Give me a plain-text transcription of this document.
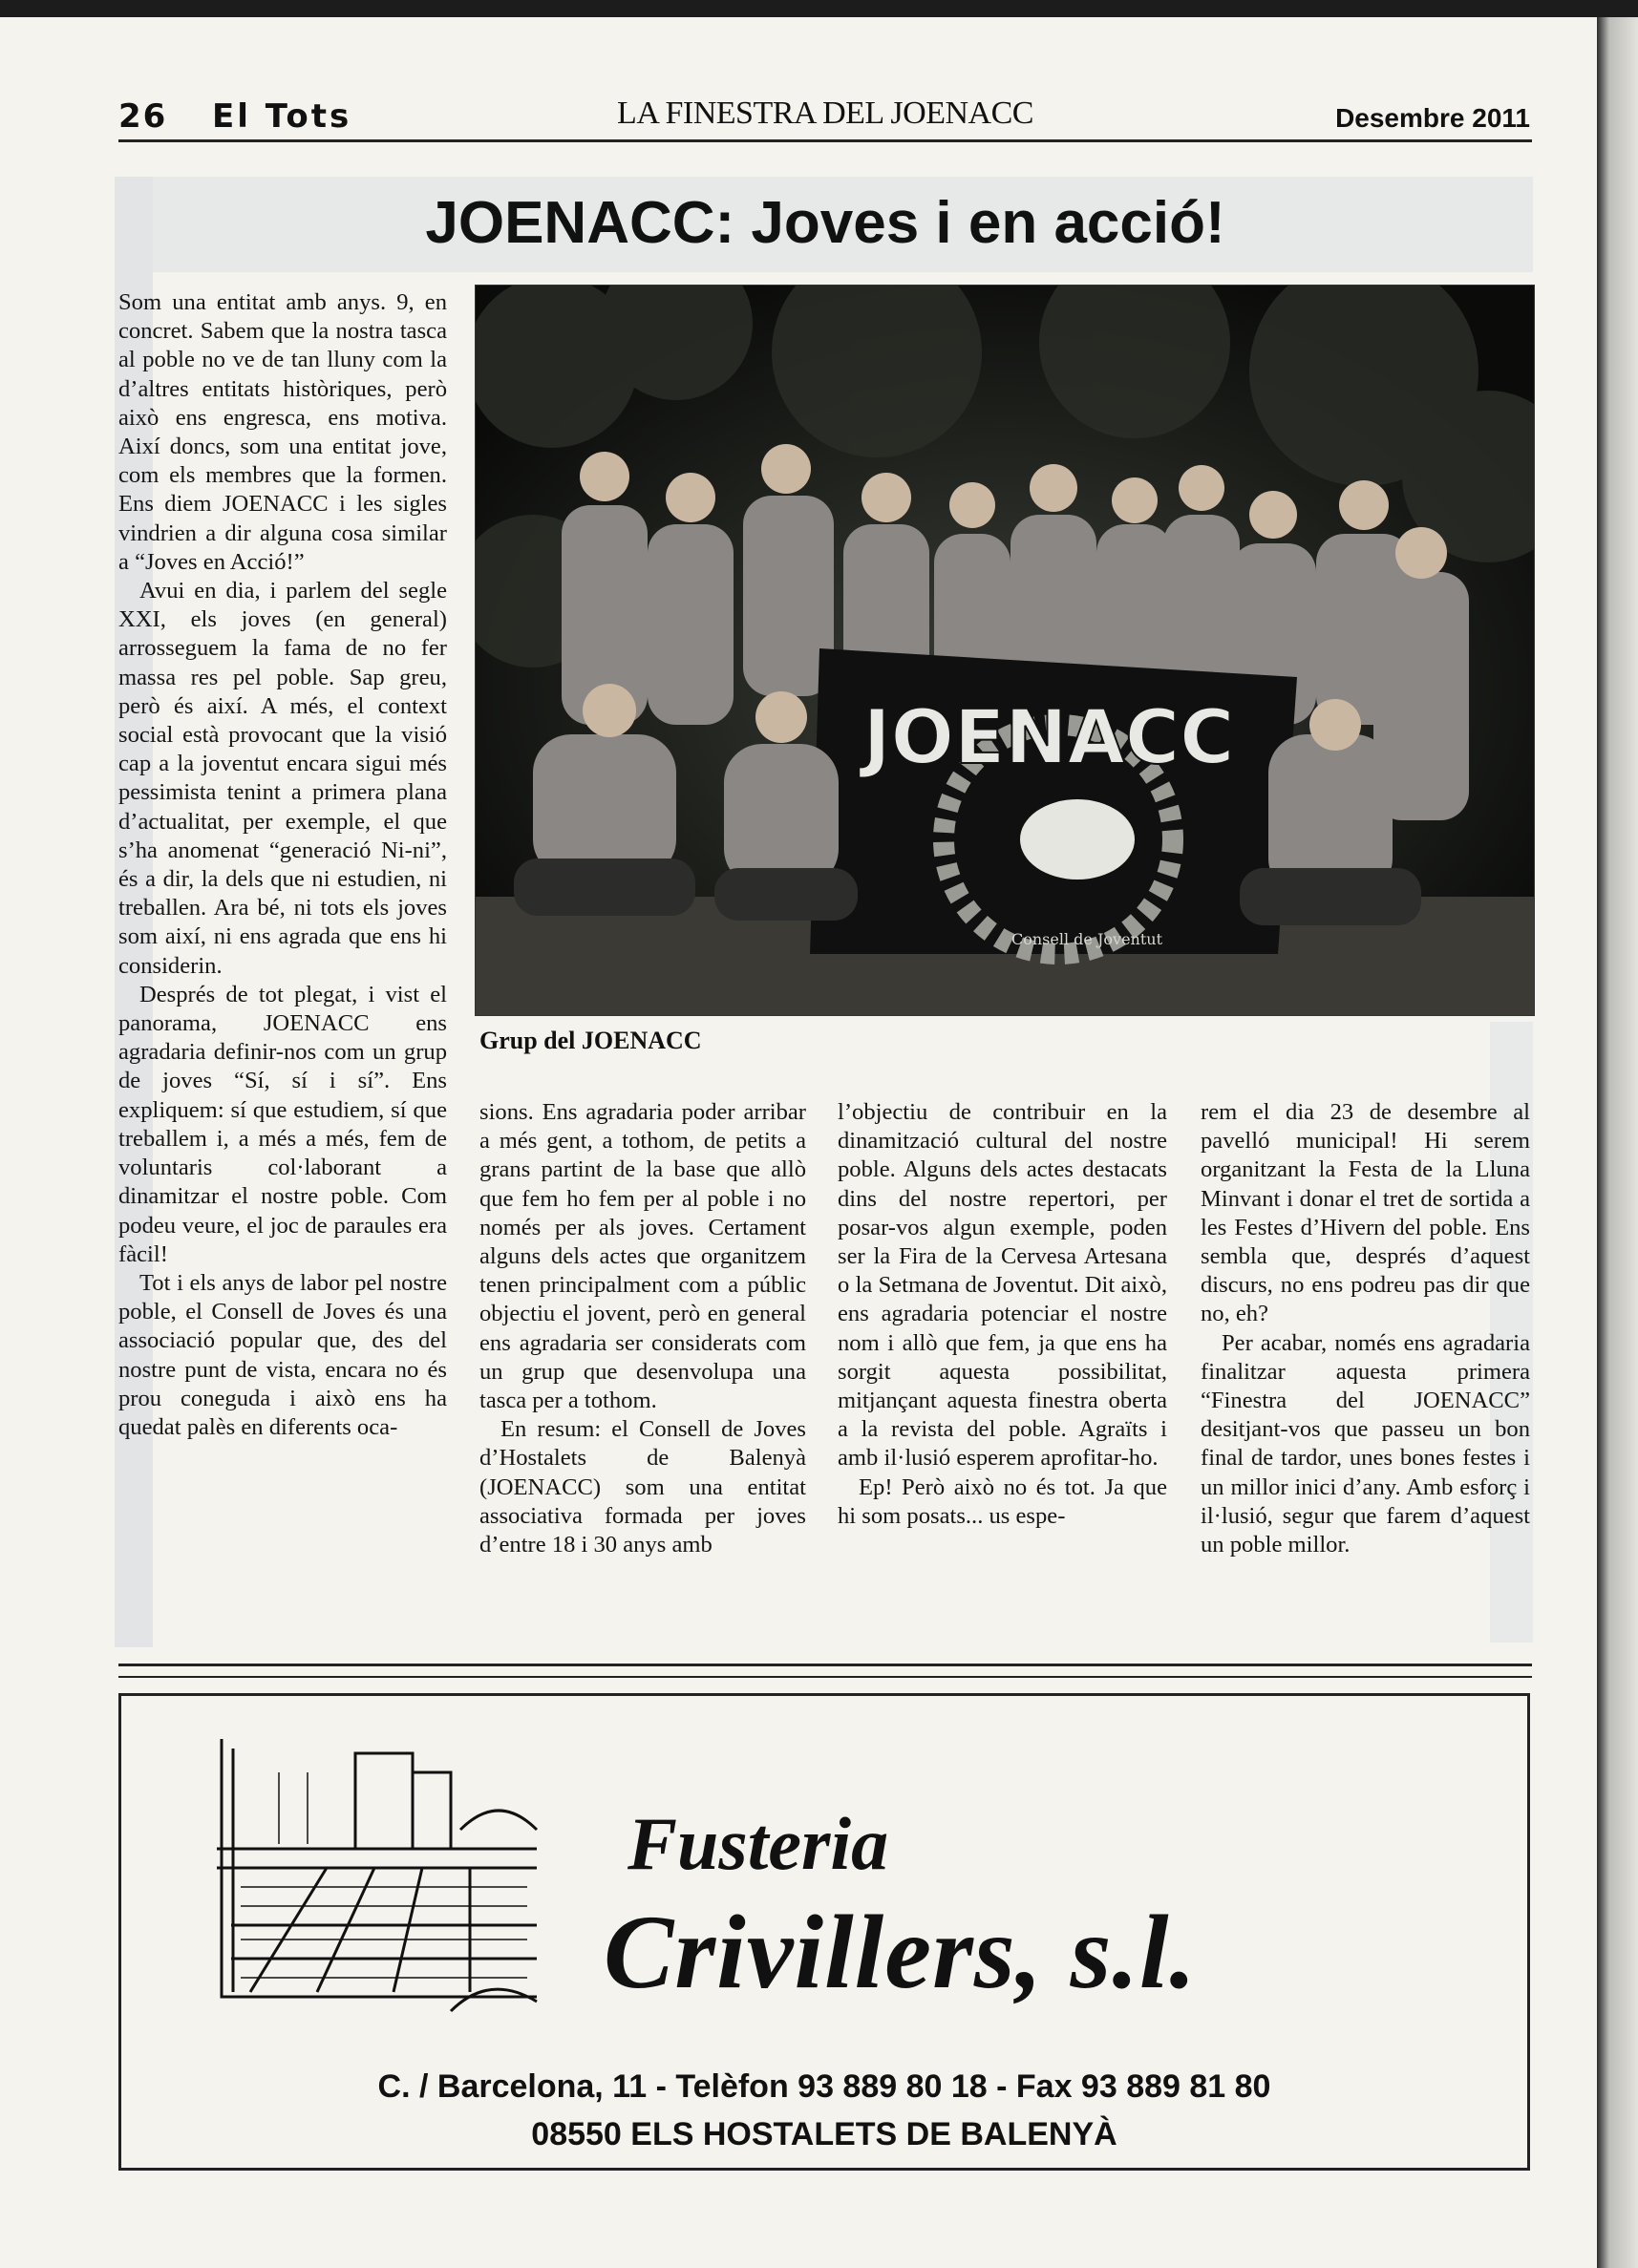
26 El Tots	LA FINESTRA DEL JOENACC	Desembre 2011
JOENACC: Joves i en acció!
JOENACC
Consell de Joventut
Grup del JOENACC

Som una entitat amb anys. 9, en concret. Sabem que la nostra tasca al poble no ve de tan lluny com la d’altres entitats històriques, però això ens engresca, ens motiva. Així doncs, som una entitat jove, com els membres que la formen. Ens diem JOENACC i les sigles vindrien a dir alguna cosa similar a “Joves en Acció!”

Avui en dia, i parlem del segle XXI, els joves (en general) arrosseguem la fama de no fer massa res pel poble. Sap greu, però és així. A més, el context social està provocant que la visió cap a la joventut encara sigui més pessimista tenint a primera plana d’actualitat, per exemple, el que s’ha anomenat “generació Ni-ni”, és a dir, la dels que ni estudien, ni treballen. Ara bé, ni tots els joves som així, ni ens agrada que ens hi considerin.

Després de tot plegat, i vist el panorama, JOENACC ens agradaria definir-nos com un grup de joves “Sí, sí i sí”. Ens expliquem: sí que estudiem, sí que treballem i, a més a més, fem de voluntaris col·laborant a dinamitzar el nostre poble. Com podeu veure, el joc de paraules era fàcil!

Tot i els anys de labor pel nostre poble, el Consell de Joves és una associació popular que, des del nostre punt de vista, encara no és prou coneguda i això ens ha quedat palès en diferents oca-

sions. Ens agradaria poder arribar a més gent, a tothom, de petits a grans partint de la base que allò que fem ho fem per al poble i no només per als joves. Certament alguns dels actes que organitzem tenen principalment com a públic objectiu el jovent, però en general ens agradaria ser considerats com un grup que desenvolupa una tasca per a tothom.

En resum: el Consell de Joves d’Hostalets de Balenyà (JOENACC) som una entitat associativa formada per joves d’entre 18 i 30 anys amb

l’objectiu de contribuir en la dinamització cultural del nostre poble. Alguns dels actes destacats dins del nostre repertori, per posar-vos algun exemple, poden ser la Fira de la Cervesa Artesana o la Setmana de Joventut. Dit això, ens agradaria potenciar el nostre nom i allò que fem, ja que ens ha sorgit aquesta possibilitat, mitjançant aquesta finestra oberta a la revista del poble. Agraïts i amb il·lusió esperem aprofitar-ho.

Ep! Però això no és tot. Ja que hi som posats... us espe-

rem el dia 23 de desembre al pavelló municipal! Hi serem organitzant la Festa de la Lluna Minvant i donar el tret de sortida a les Festes d’Hivern del poble. Ens sembla que, després d’aquest discurs, no ens podreu pas dir que no, eh?

Per acabar, només ens agradaria finalitzar aquesta primera “Finestra del JOENACC” desitjant-vos que passeu un bon final de tardor, unes bones festes i un millor inici d’any. Amb esforç i il·lusió, segur que farem d’aquest un poble millor.

Fusteria
Crivillers, s.l.
C. / Barcelona, 11 - Telèfon 93 889 80 18 - Fax 93 889 81 80
08550 ELS HOSTALETS DE BALENYÀ
